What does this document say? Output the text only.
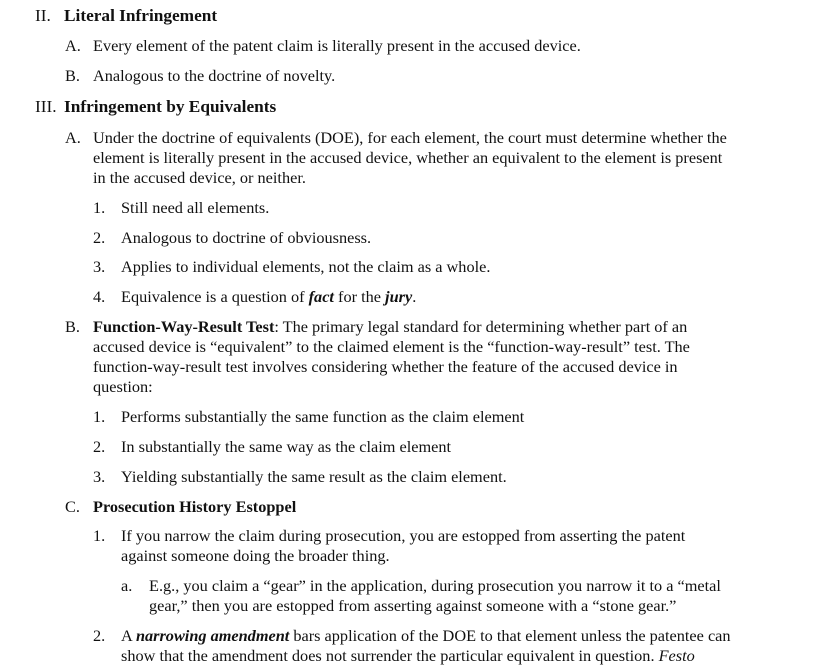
II. Literal Infringement
A. Every element of the patent claim is literally present in the accused device.
B. Analogous to the doctrine of novelty.
III. Infringement by Equivalents
A. Under the doctrine of equivalents (DOE), for each element, the court must determine whether the
element is literally present in the accused device, whether an equivalent to the element is present
in the accused device, or neither.
1. Still need all elements.
2. Analogous to doctrine of obviousness.
3. Applies to individual elements, not the claim as a whole.
4. Equivalence is a question of fact for the jury.
B. Function-Way-Result Test: The primary legal standard for determining whether part of an
accused device is “equivalent” to the claimed element is the “function-way-result” test. The
function-way-result test involves considering whether the feature of the accused device in
question:
1. Performs substantially the same function as the claim element
2. In substantially the same way as the claim element
3. Yielding substantially the same result as the claim element.
C. Prosecution History Estoppel
1. If you narrow the claim during prosecution, you are estopped from asserting the patent
against someone doing the broader thing.
a. E.g., you claim a “gear” in the application, during prosecution you narrow it to a “metal
gear,” then you are estopped from asserting against someone with a “stone gear.”
2. A narrowing amendment bars application of the DOE to that element unless the patentee can
show that the amendment does not surrender the particular equivalent in question. Festo
